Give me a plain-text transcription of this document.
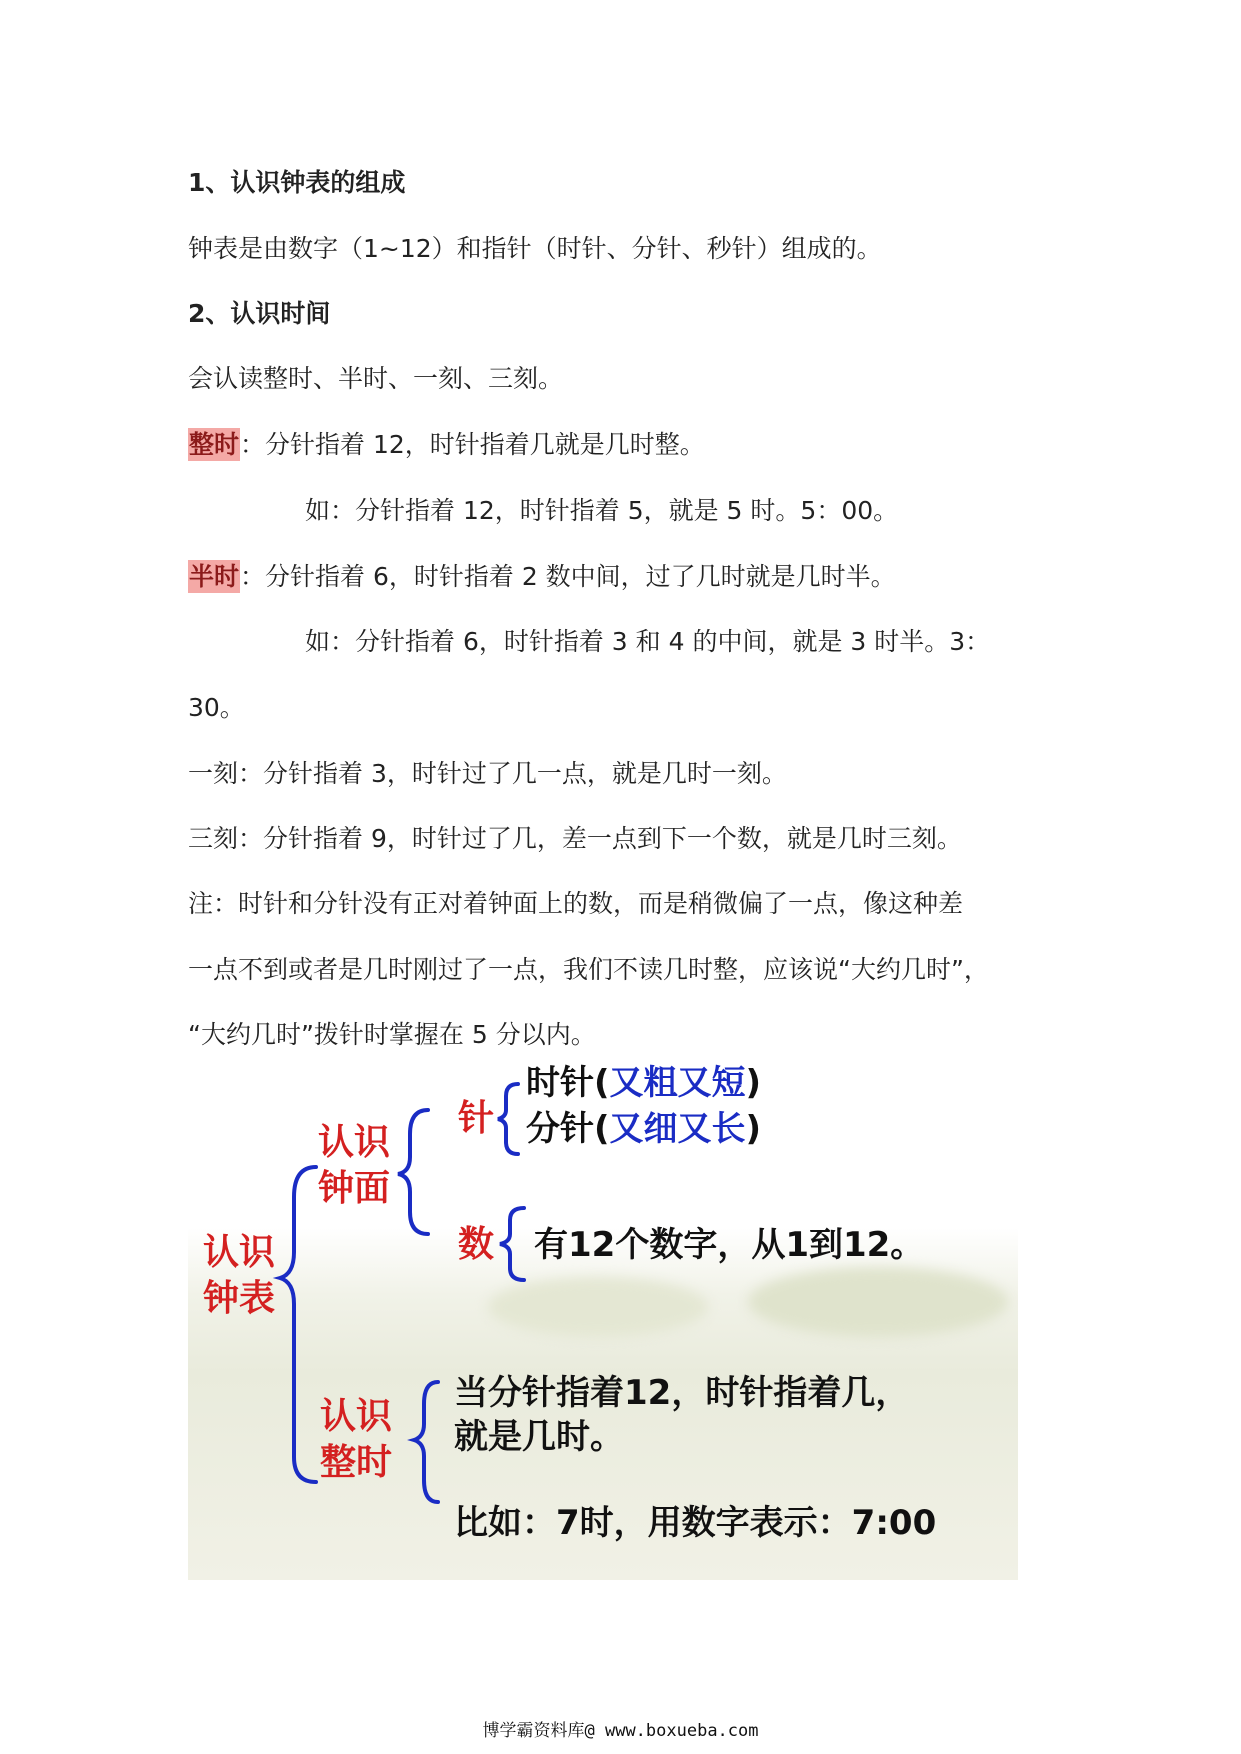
1、认识钟表的组成

钟表是由数字（1~12）和指针（时针、分针、秒针）组成的。

2、认识时间

会认读整时、半时、一刻、三刻。

整时：分针指着 12，时针指着几就是几时整。

如：分针指着 12，时针指着 5，就是 5 时。5：00。

半时：分针指着 6，时针指着 2 数中间，过了几时就是几时半。

如：分针指着 6，时针指着 3 和 4 的中间，就是 3 时半。3：

30。

一刻：分针指着 3，时针过了几一点，就是几时一刻。

三刻：分针指着 9，时针过了几，差一点到下一个数，就是几时三刻。

注：时针和分针没有正对着钟面上的数，而是稍微偏了一点，像这种差

一点不到或者是几时刚过了一点，我们不读几时整，应该说“大约几时”，

“大约几时”拨针时掌握在 5 分以内。

认识
钟表
认识
钟面
针
数
认识
整时
时针(又粗又短)
分针(又细又长)
有12个数字，从1到12。
当分针指着12，时针指着几，
就是几时。
比如：7时，用数字表示：7:00
博学霸资料库@ www.boxueba.com
